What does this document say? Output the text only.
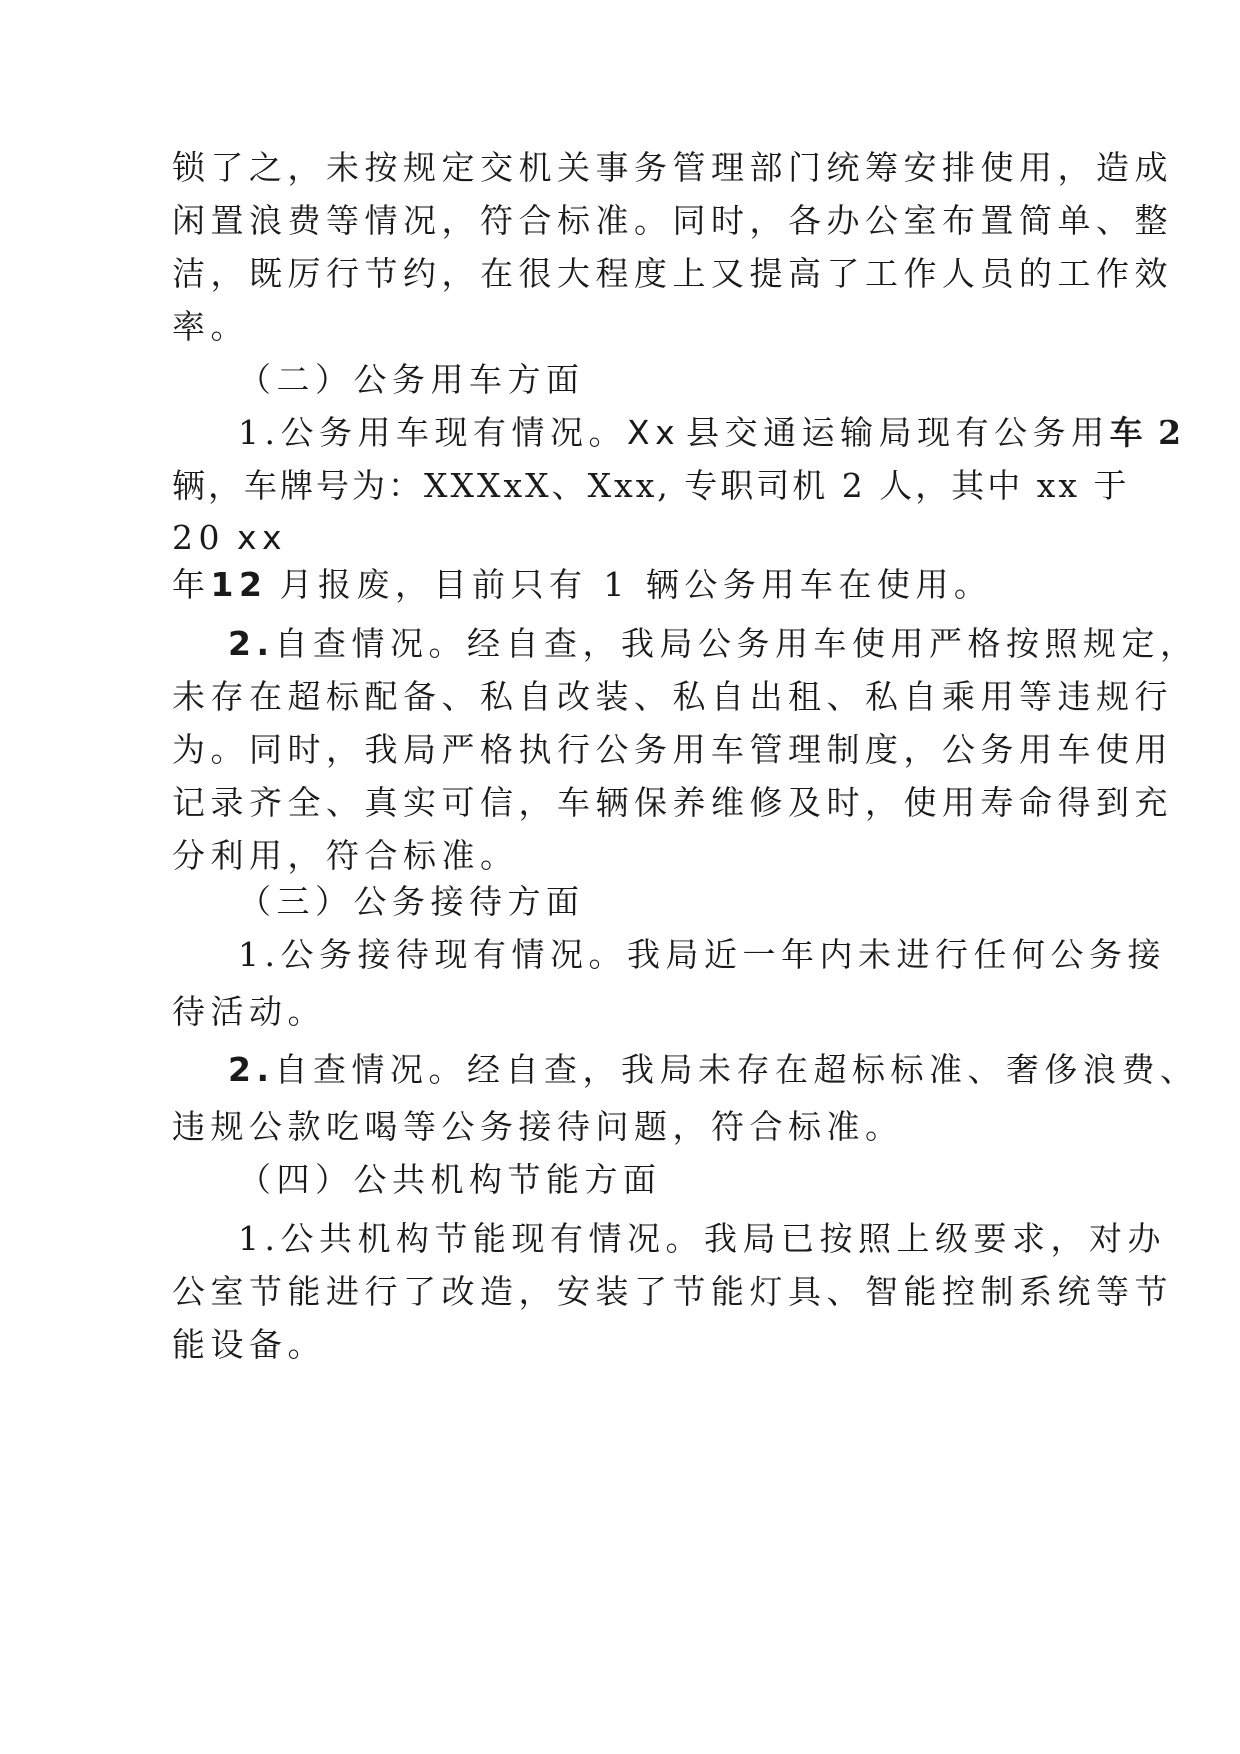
锁了之，未按规定交机关事务管理部门统筹安排使用，造成
闲置浪费等情况，符合标准。同时，各办公室布置简单、整
洁，既厉行节约，在很大程度上又提高了工作人员的工作效
率。
（二）公务用车方面
1.公务用车现有情况。Xx 县交通运输局现有公务用车 2
辆，车牌号为：XXXxX、Xxx, 专职司机 2 人，其中 xx 于
20 xx
年12 月报废，目前只有 1 辆公务用车在使用。
2.自查情况。经自查，我局公务用车使用严格按照规定，
未存在超标配备、私自改装、私自出租、私自乘用等违规行
为。同时，我局严格执行公务用车管理制度，公务用车使用
记录齐全、真实可信，车辆保养维修及时，使用寿命得到充
分利用，符合标准。
（三）公务接待方面
1.公务接待现有情况。我局近一年内未进行任何公务接
待活动。
2.自查情况。经自查，我局未存在超标标准、奢侈浪费、
违规公款吃喝等公务接待问题，符合标准。
（四）公共机构节能方面
1.公共机构节能现有情况。我局已按照上级要求，对办
公室节能进行了改造，安装了节能灯具、智能控制系统等节
能设备。
